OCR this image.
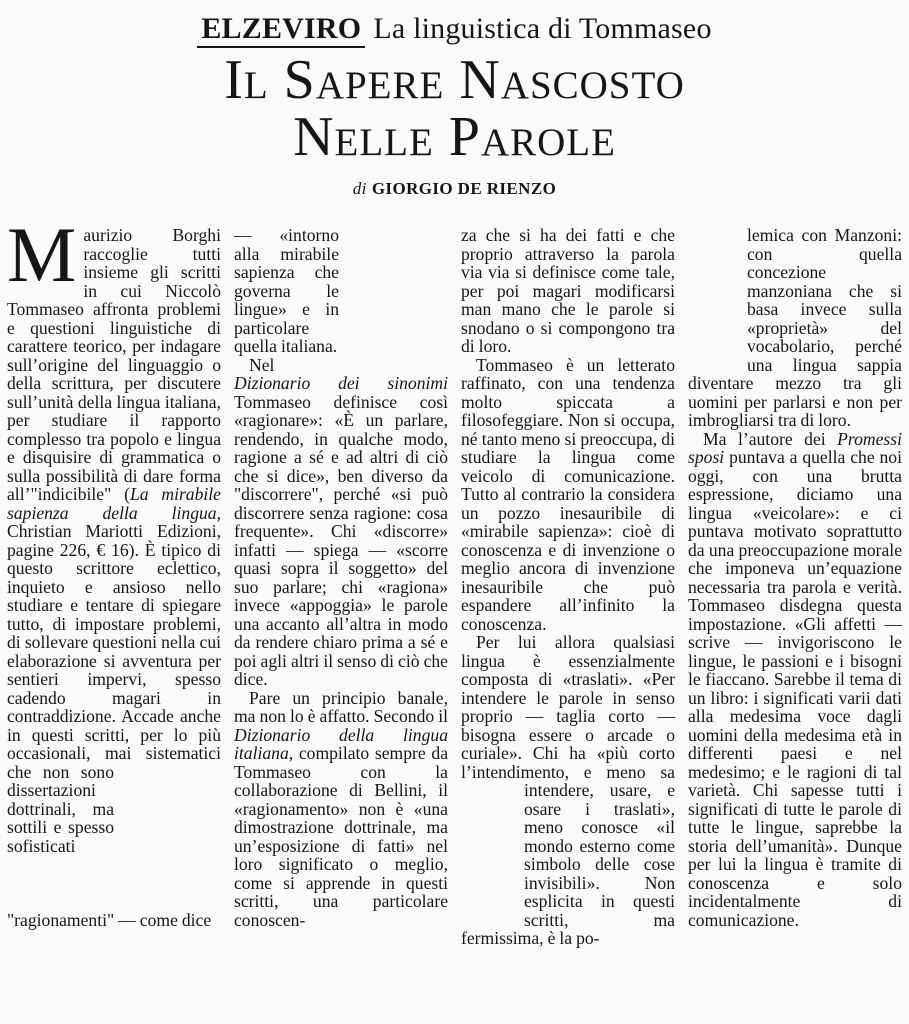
ELZEVIRO La linguistica di Tommaseo
Il Sapere Nascosto
Nelle Parole
di GIORGIO DE RIENZO

Maurizio Borghi raccoglie tutti insieme gli scritti in cui Niccolò Tommaseo affronta problemi e questioni linguistiche di carattere teorico, per indagare sull’origine del linguaggio o della scrittura, per discutere sull’unità della lingua italiana, per studiare il rapporto complesso tra popolo e lingua e disquisire di grammatica o sulla possibilità di dare forma all’"indicibile" (La mirabile sapienza della lingua, Christian Mariotti Edizioni, pagine 226, € 16). È tipico di questo scrittore eclettico, inquieto e ansioso nello studiare e tentare di spiegare tutto, di impostare problemi, di sollevare questioni nella cui elaborazione si avventura per sentieri impervi, spesso cadendo magari in contraddizione. Accade anche in questi scritti, per lo più occasionali, mai sistematici che non sono
dissertazioni dottrinali, ma sottili e spesso sofisticati "ragionamenti" — come dice

— «intorno alla mirabile sapienza che governa le lingue» e in particolare quella italiana.

Nel Dizionario dei sinonimi Tommaseo definisce così «ragionare»: «È un parlare, rendendo, in qualche modo, ragione a sé e ad altri di ciò che si dice», ben diverso da "discorrere", perché «si può discorrere senza ragione: cosa frequente». Chi «discorre» infatti — spiega — «scorre quasi sopra il soggetto» del suo parlare; chi «ragiona» invece «appoggia» le parole una accanto all’altra in modo da rendere chiaro prima a sé e poi agli altri il senso di ciò che dice.

Pare un principio banale, ma non lo è affatto. Secondo il Dizionario della lingua italiana, compilato sempre da Tommaseo con la collaborazione di Bellini, il «ragionamento» non è «una dimostrazione dottrinale, ma un’esposizione di fatti» nel loro significato o meglio, come si apprende in questi scritti, una particolare conoscen-

za che si ha dei fatti e che proprio attraverso la parola via via si definisce come tale, per poi magari modificarsi man mano che le parole si snodano o si compongono tra di loro.

Tommaseo è un letterato raffinato, con una tendenza molto spiccata a filosofeggiare. Non si occupa, né tanto meno si preoccupa, di studiare la lingua come veicolo di comunicazione. Tutto al contrario la considera un pozzo inesauribile di «mirabile sapienza»: cioè di conoscenza e di invenzione o meglio ancora di invenzione inesauribile che può espandere all’infinito la conoscenza.

Per lui allora qualsiasi lingua è essenzialmente composta di «traslati». «Per intendere le parole in senso proprio — taglia corto — bisogna essere o arcade o curiale». Chi ha «più corto l’intendimento, e meno sa intendere,
usare, e osare i traslati», meno conosce «il mondo esterno come simbolo delle cose invisibili». Non esplicita in questi scritti, ma fermissima, è la po-

lemica con Manzoni: con quella concezione manzoniana che si basa invece sulla «proprietà» del vocabolario, perché una lingua sappia diventare mezzo tra gli uomini per parlarsi e non per imbrogliarsi tra di loro.

Ma l’autore dei Promessi sposi puntava a quella che noi oggi, con una brutta espressione, diciamo una lingua «veicolare»: e ci puntava motivato soprattutto da una preoccupazione morale che imponeva un’equazione necessaria tra parola e verità. Tommaseo disdegna questa impostazione. «Gli affetti — scrive — invigoriscono le lingue, le passioni e i bisogni le fiaccano. Sarebbe il tema di un libro: i significati varii dati alla medesima voce dagli uomini della medesima età in differenti paesi e nel medesimo; e le ragioni di tal varietà. Chi sapesse tutti i significati di tutte le parole di tutte le lingue, saprebbe la storia dell’umanità». Dunque per lui la lingua è tramite di conoscenza e solo incidentalmente di comunicazione.
